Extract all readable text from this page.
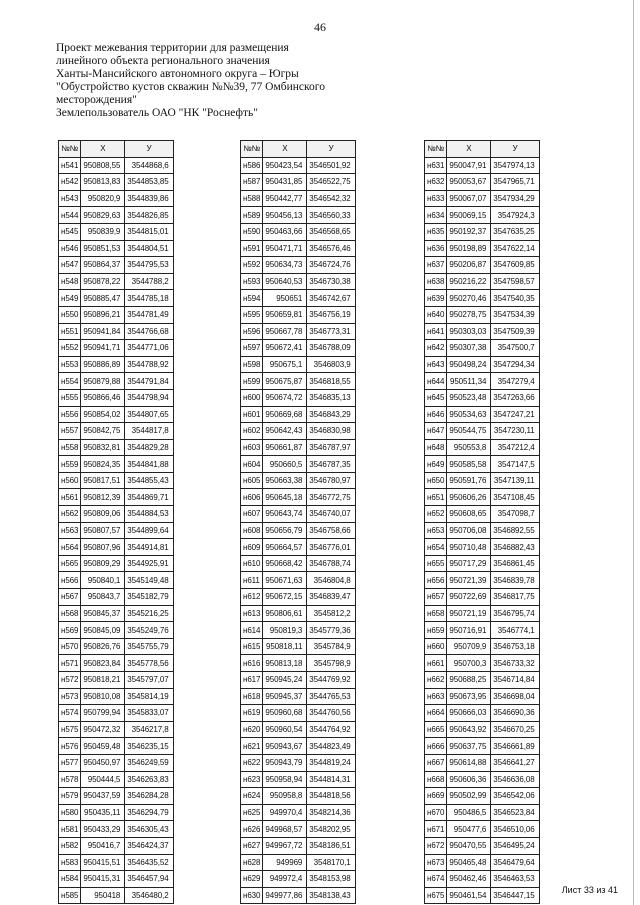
46
Проект межевания территории для размещения
линейного объекта регионального значения
Ханты-Мансийского автономного округа – Югры
"Обустройство кустов скважин №№39, 77 Омбинского
месторождения"
Землепользователь ОАО "НК "Роснефть"
№№	X	У
н541	950808,55	3544868,6
н542	950813,83	3544853,85
н543	950820,9	3544839,86
н544	950829,63	3544826,85
н545	950839,9	3544815,01
н546	950851,53	3544804,51
н547	950864,37	3544795,53
н548	950878,22	3544788,2
н549	950885,47	3544785,18
н550	950896,21	3544781,49
н551	950941,84	3544766,68
н552	950941,71	3544771,06
н553	950886,89	3544788,92
н554	950879,88	3544791,84
н555	950866,46	3544798,94
н556	950854,02	3544807,65
н557	950842,75	3544817,8
н558	950832,81	3544829,28
н559	950824,35	3544841,88
н560	950817,51	3544855,43
н561	950812,39	3544869,71
н562	950809,06	3544884,53
н563	950807,57	3544899,64
н564	950807,96	3544914,81
н565	950809,29	3544925,91
н566	950840,1	3545149,48
н567	950843,7	3545182,79
н568	950845,37	3545216,25
н569	950845,09	3545249,76
н570	950826,76	3545755,79
н571	950823,84	3545778,56
н572	950818,21	3545797,07
н573	950810,08	3545814,19
н574	950799,94	3545833,07
н575	950472,32	3546217,8
н576	950459,48	3546235,15
н577	950450,97	3546249,59
н578	950444,5	3546263,83
н579	950437,59	3546284,28
н580	950435,11	3546294,79
н581	950433,29	3546305,43
н582	950416,7	3546424,37
н583	950415,51	3546435,52
н584	950415,31	3546457,94
н585	950418	3546480,2
№№	X	У
н586	950423,54	3546501,92
н587	950431,85	3546522,75
н588	950442,77	3546542,32
н589	950456,13	3546560,33
н590	950463,66	3546568,65
н591	950471,71	3546576,46
н592	950634,73	3546724,76
н593	950640,53	3546730,38
н594	950651	3546742,67
н595	950659,81	3546756,19
н596	950667,78	3546773,31
н597	950672,41	3546788,09
н598	950675,1	3546803,9
н599	950675,87	3546818,55
н600	950674,72	3546835,13
н601	950669,68	3546843,29
н602	950642,43	3546830,98
н603	950661,87	3546787,97
н604	950660,5	3546787,35
н605	950663,38	3546780,97
н606	950645,18	3546772,75
н607	950643,74	3546740,07
н608	950656,79	3546758,66
н609	950664,57	3546776,01
н610	950668,42	3546788,74
н611	950671,63	3546804,8
н612	950672,15	3546839,47
н613	950806,61	3545812,2
н614	950819,3	3545779,36
н615	950818,11	3545784,9
н616	950813,18	3545798,9
н617	950945,24	3544769,92
н618	950945,37	3544765,53
н619	950960,68	3544760,56
н620	950960,54	3544764,92
н621	950943,67	3544823,49
н622	950943,79	3544819,24
н623	950958,94	3544814,31
н624	950958,8	3544818,56
н625	949970,4	3548214,36
н626	949968,57	3548202,95
н627	949967,72	3548186,51
н628	949969	3548170,1
н629	949972,4	3548153,98
н630	949977,86	3548138,43
№№	X	У
н631	950047,91	3547974,13
н632	950053,67	3547965,71
н633	950067,07	3547934,29
н634	950069,15	3547924,3
н635	950192,37	3547635,25
н636	950198,89	3547622,14
н637	950206,87	3547609,85
н638	950216,22	3547598,57
н639	950270,46	3547540,35
н640	950278,75	3547534,39
н641	950303,03	3547509,39
н642	950307,38	3547500,7
н643	950498,24	3547294,34
н644	950511,34	3547279,4
н645	950523,48	3547263,66
н646	950534,63	3547247,21
н647	950544,75	3547230,11
н648	950553,8	3547212,4
н649	950585,58	3547147,5
н650	950591,76	3547139,11
н651	950606,26	3547108,45
н652	950608,65	3547098,7
н653	950706,08	3546892,55
н654	950710,48	3546882,43
н655	950717,29	3546861,45
н656	950721,39	3546839,78
н657	950722,69	3546817,75
н658	950721,19	3546795,74
н659	950716,91	3546774,1
н660	950709,9	3546753,18
н661	950700,3	3546733,32
н662	950688,25	3546714,84
н663	950673,95	3546698,04
н664	950666,03	3546690,36
н665	950643,92	3546670,25
н666	950637,75	3546661,89
н667	950614,88	3546641,27
н668	950606,36	3546636,08
н669	950502,99	3546542,06
н670	950486,5	3546523,84
н671	950477,6	3546510,06
н672	950470,55	3546495,24
н673	950465,48	3546479,64
н674	950462,46	3546463,53
н675	950461,54	3546447,15
Лист 33 из 41
